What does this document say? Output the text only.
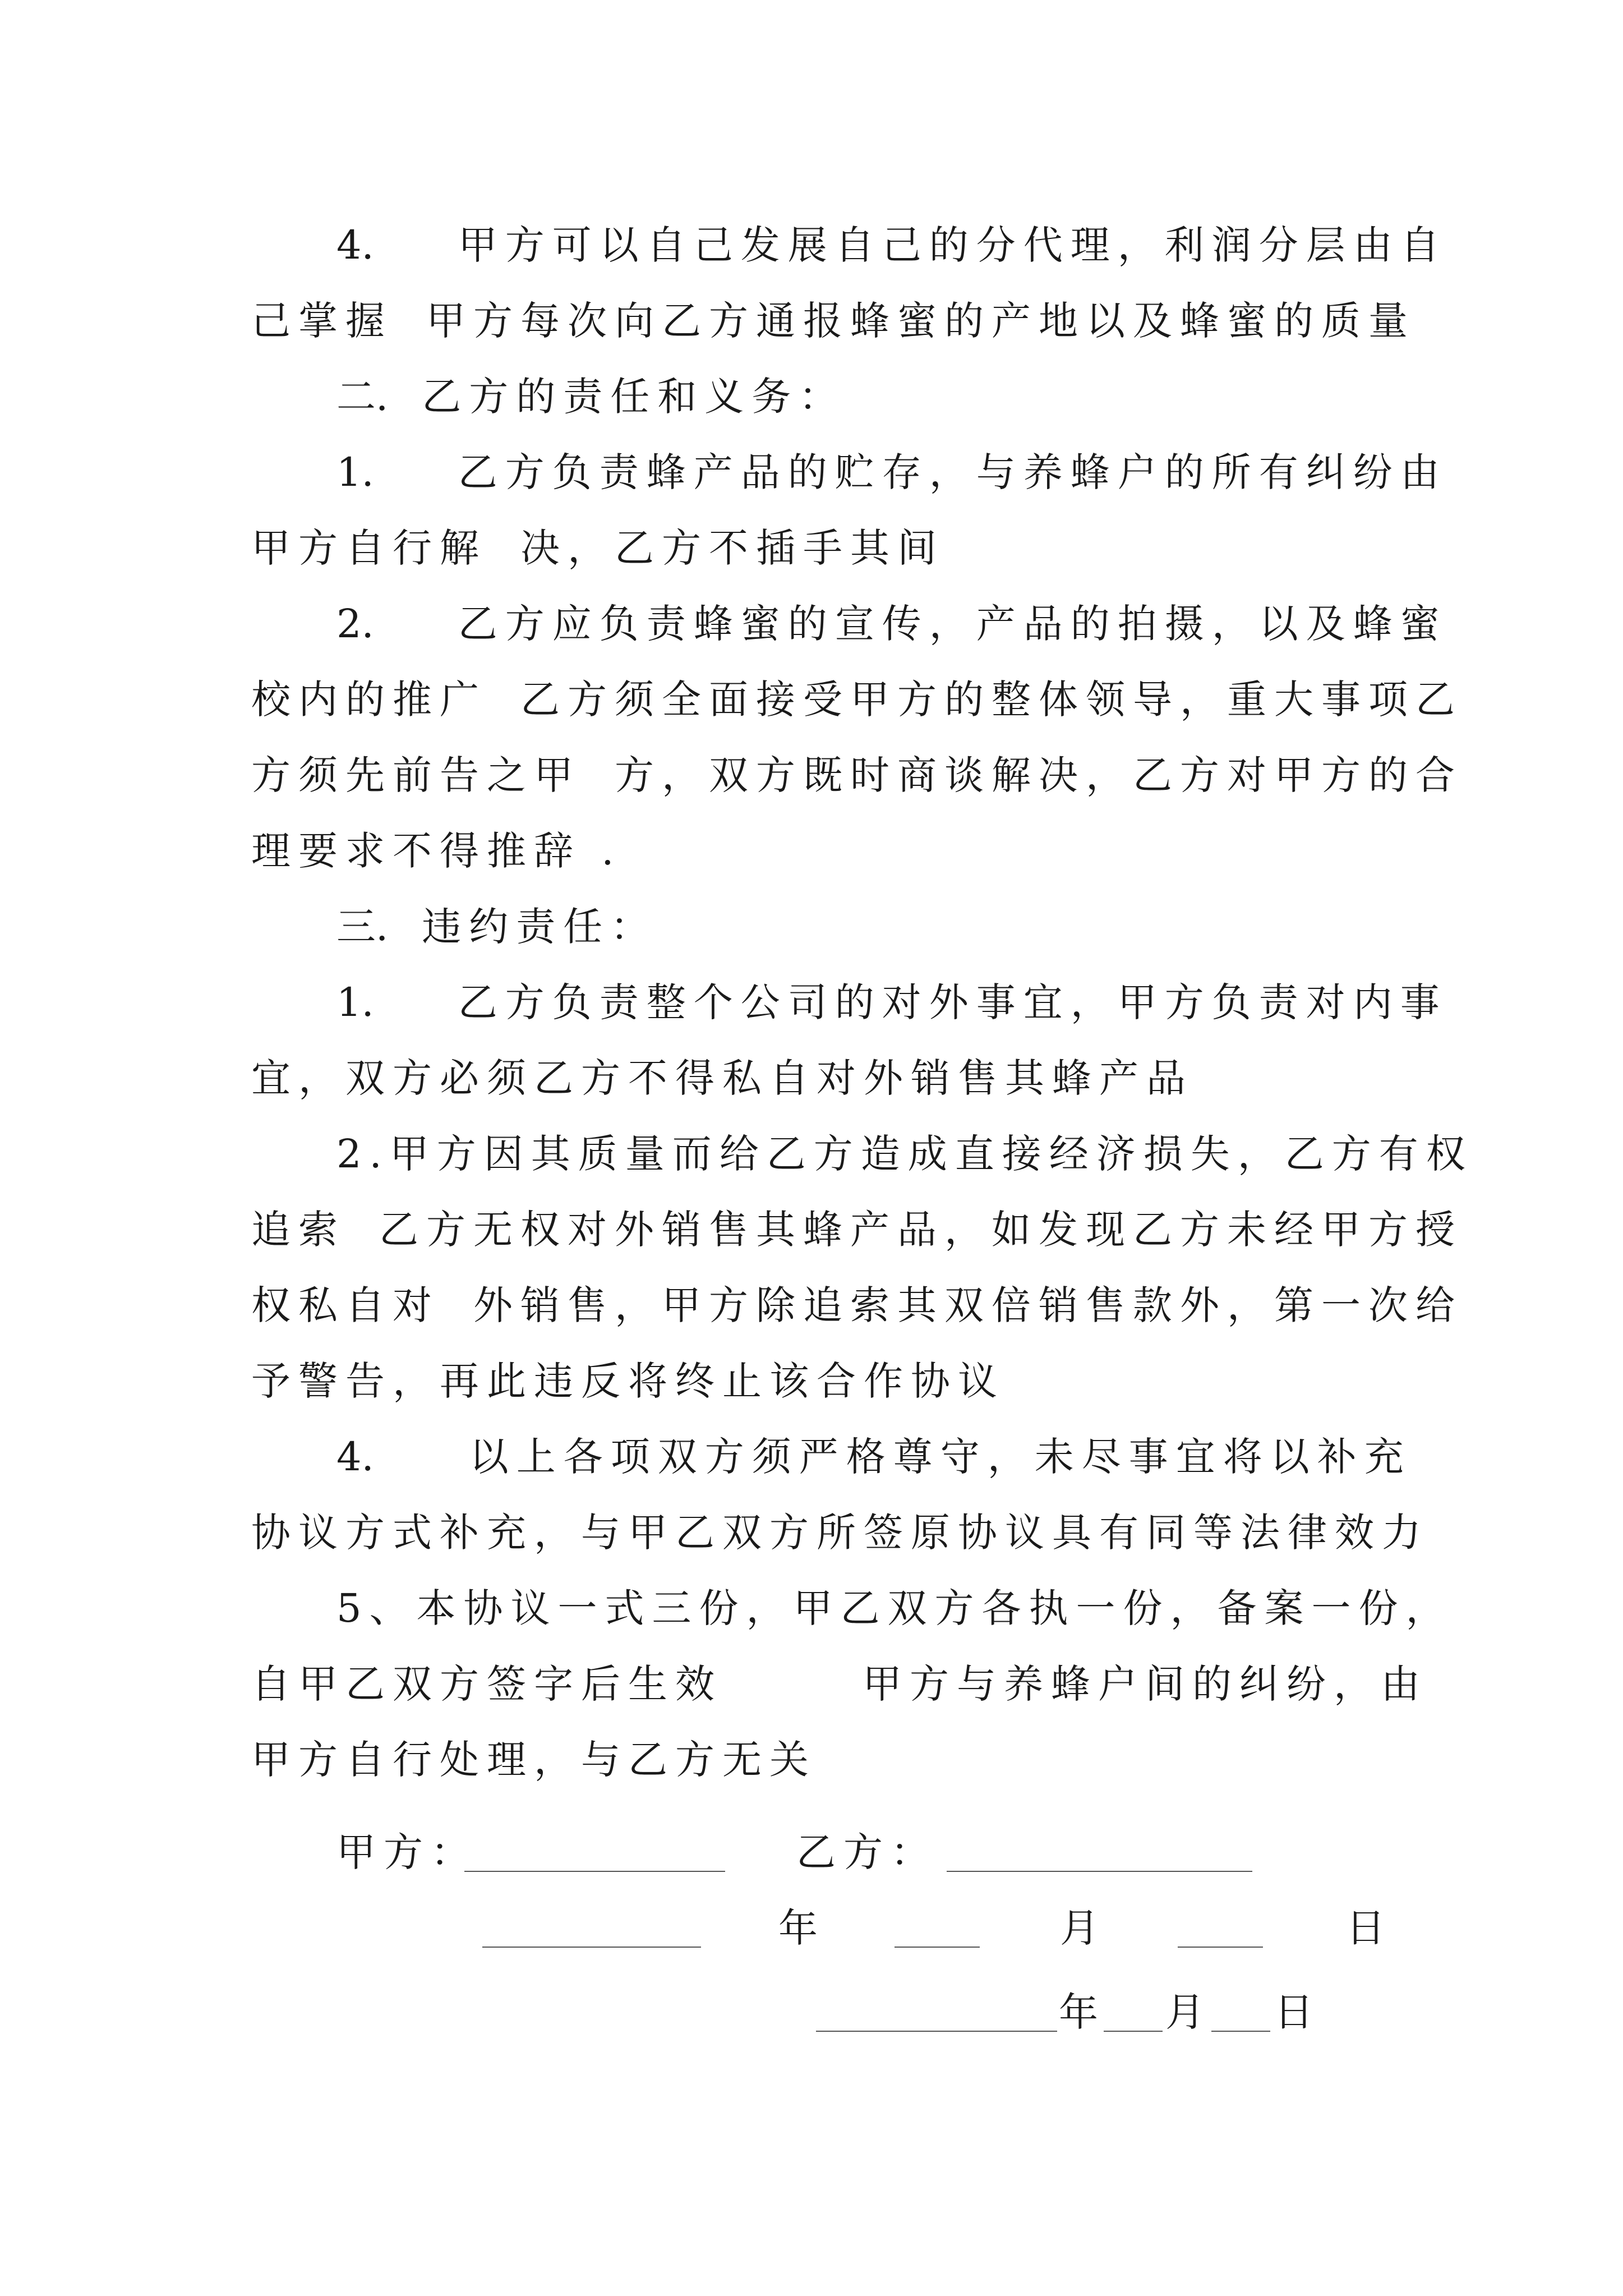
4. 甲方可以自己发展自己的分代理，利润分层由自
己掌握 甲方每次向乙方通报蜂蜜的产地以及蜂蜜的质量
二. 乙方的责任和义务：
1. 乙方负责蜂产品的贮存，与养蜂户的所有纠纷由
甲方自行解 决，乙方不插手其间
2. 乙方应负责蜂蜜的宣传，产品的拍摄，以及蜂蜜
校内的推广 乙方须全面接受甲方的整体领导，重大事项乙
方须先前告之甲 方，双方既时商谈解决，乙方对甲方的合
理要求不得推辞 .
三. 违约责任：
1. 乙方负责整个公司的对外事宜，甲方负责对内事
宜，双方必须乙方不得私自对外销售其蜂产品
2.甲方因其质量而给乙方造成直接经济损失，乙方有权
追索 乙方无权对外销售其蜂产品，如发现乙方未经甲方授
权私自对 外销售，甲方除追索其双倍销售款外，第一次给
予警告，再此违反将终止该合作协议
4. 以上各项双方须严格尊守，未尽事宜将以补充
协议方式补充，与甲乙双方所签原协议具有同等法律效力
5、本协议一式三份，甲乙双方各执一份，备案一份，
自甲乙双方签字后生效	甲方与养蜂户间的纠纷，由
甲方自行处理，与乙方无关
甲方：	乙方：
年	月	日
年 月 日
